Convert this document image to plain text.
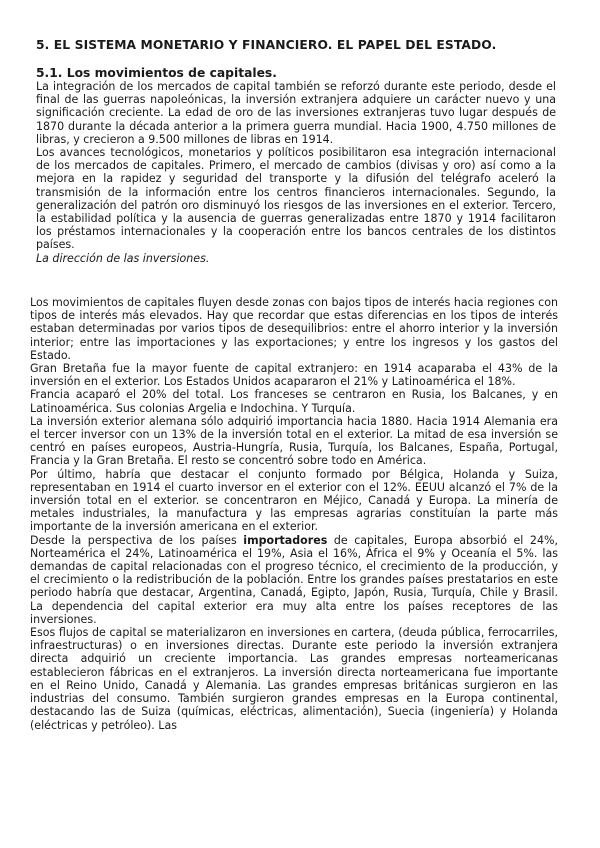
5. EL SISTEMA MONETARIO Y FINANCIERO. EL PAPEL DEL ESTADO.
5.1. Los movimientos de capitales.

La integración de los mercados de capital también se reforzó durante este periodo, desde el final de las guerras napoleónicas, la inversión extranjera adquiere un carácter nuevo y una significación creciente. La edad de oro de las inversiones extranjeras tuvo lugar después de 1870 durante la década anterior a la primera guerra mundial. Hacia 1900, 4.750 millones de libras, y crecieron a 9.500 millones de libras en 1914.

Los avances tecnológicos, monetarios y políticos posibilitaron esa integración internacional de los mercados de capitales. Primero, el mercado de cambios (divisas y oro) así como a la mejora en la rapidez y seguridad del transporte y la difusión del telégrafo aceleró la transmisión de la información entre los centros financieros internacionales. Segundo, la generalización del patrón oro disminuyó los riesgos de las inversiones en el exterior. Tercero, la estabilidad política y la ausencia de guerras generalizadas entre 1870 y 1914 facilitaron los préstamos internacionales y la cooperación entre los bancos centrales de los distintos países.

La dirección de las inversiones.

Los movimientos de capitales fluyen desde zonas con bajos tipos de interés hacia regiones con tipos de interés más elevados. Hay que recordar que estas diferencias en los tipos de interés estaban determinadas por varios tipos de desequilibrios: entre el ahorro interior y la inversión interior; entre las importaciones y las exportaciones; y entre los ingresos y los gastos del Estado.

Gran Bretaña fue la mayor fuente de capital extranjero: en 1914 acaparaba el 43% de la inversión en el exterior. Los Estados Unidos acapararon el 21% y Latinoamérica el 18%.

Francia acaparó el 20% del total. Los franceses se centraron en Rusia, los Balcanes, y en Latinoamérica. Sus colonias Argelia e Indochina. Y Turquía.

La inversión exterior alemana sólo adquirió importancia hacia 1880. Hacia 1914 Alemania era el tercer inversor con un 13% de la inversión total en el exterior. La mitad de esa inversión se centró en países europeos, Austria-Hungría, Rusia, Turquía, los Balcanes, España, Portugal, Francia y la Gran Bretaña. El resto se concentró sobre todo en América.

Por último, habría que destacar el conjunto formado por Bélgica, Holanda y Suiza, representaban en 1914 el cuarto inversor en el exterior con el 12%. EEUU alcanzó el 7% de la inversión total en el exterior. se concentraron en Méjico, Canadá y Europa. La minería de metales industriales, la manufactura y las empresas agrarias constituían la parte más importante de la inversión americana en el exterior.

Desde la perspectiva de los países importadores de capitales, Europa absorbió el 24%, Norteamérica el 24%, Latinoamérica el 19%, Asia el 16%, África el 9% y Oceanía el 5%. las demandas de capital relacionadas con el progreso técnico, el crecimiento de la producción, y el crecimiento o la redistribución de la población. Entre los grandes países prestatarios en este periodo habría que destacar, Argentina, Canadá, Egipto, Japón, Rusia, Turquía, Chile y Brasil. La dependencia del capital exterior era muy alta entre los países receptores de las inversiones.

Esos flujos de capital se materializaron en inversiones en cartera, (deuda pública, ferrocarriles, infraestructuras) o en inversiones directas. Durante este periodo la inversión extranjera directa adquirió un creciente importancia. Las grandes empresas norteamericanas establecieron fábricas en el extranjeros. La inversión directa norteamericana fue importante en el Reino Unido, Canadá y Alemania. Las grandes empresas británicas surgieron en las industrias del consumo. También surgieron grandes empresas en la Europa continental, destacando las de Suiza (químicas, eléctricas, alimentación), Suecia (ingeniería) y Holanda (eléctricas y petróleo). Las
